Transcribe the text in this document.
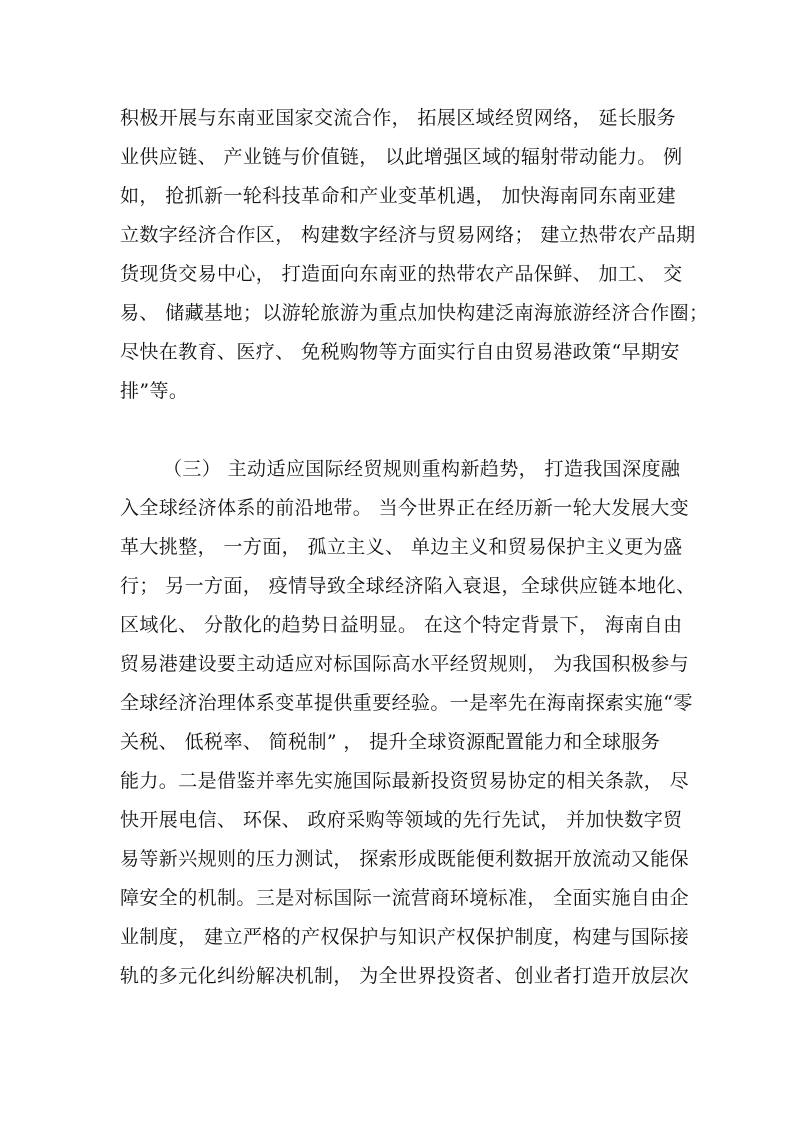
积极开展与东南亚国家交流合作， 拓展区域经贸网络， 延长服务
业供应链、 产业链与价值链， 以此增强区域的辐射带动能力。 例
如， 抢抓新一轮科技革命和产业变革机遇， 加快海南同东南亚建
立数字经济合作区， 构建数字经济与贸易网络； 建立热带农产品期
货现货交易中心， 打造面向东南亚的热带农产品保鲜、 加工、 交
易、 储藏基地；以游轮旅游为重点加快构建泛南海旅游经济合作圈；
尽快在教育、医疗、 免税购物等方面实行自由贸易港政策“早期安
排”等。
（三） 主动适应国际经贸规则重构新趋势， 打造我国深度融
入全球经济体系的前沿地带。 当今世界正在经历新一轮大发展大变
革大挑整， 一方面， 孤立主义、 单边主义和贸易保护主义更为盛
行； 另一方面， 疫情导致全球经济陷入衰退，全球供应链本地化、
区域化、 分散化的趋势日益明显。 在这个特定背景下， 海南自由
贸易港建设要主动适应对标国际高水平经贸规则， 为我国积极参与
全球经济治理体系变革提供重要经验。一是率先在海南探索实施“零
关税、 低税率、 简税制” ， 提升全球资源配置能力和全球服务
能力。二是借鉴并率先实施国际最新投资贸易协定的相关条款， 尽
快开展电信、 环保、 政府采购等领域的先行先试， 并加快数字贸
易等新兴规则的压力测试， 探索形成既能便利数据开放流动又能保
障安全的机制。三是对标国际一流营商环境标准， 全面实施自由企
业制度， 建立严格的产权保护与知识产权保护制度，构建与国际接
轨的多元化纠纷解决机制， 为全世界投资者、创业者打造开放层次
